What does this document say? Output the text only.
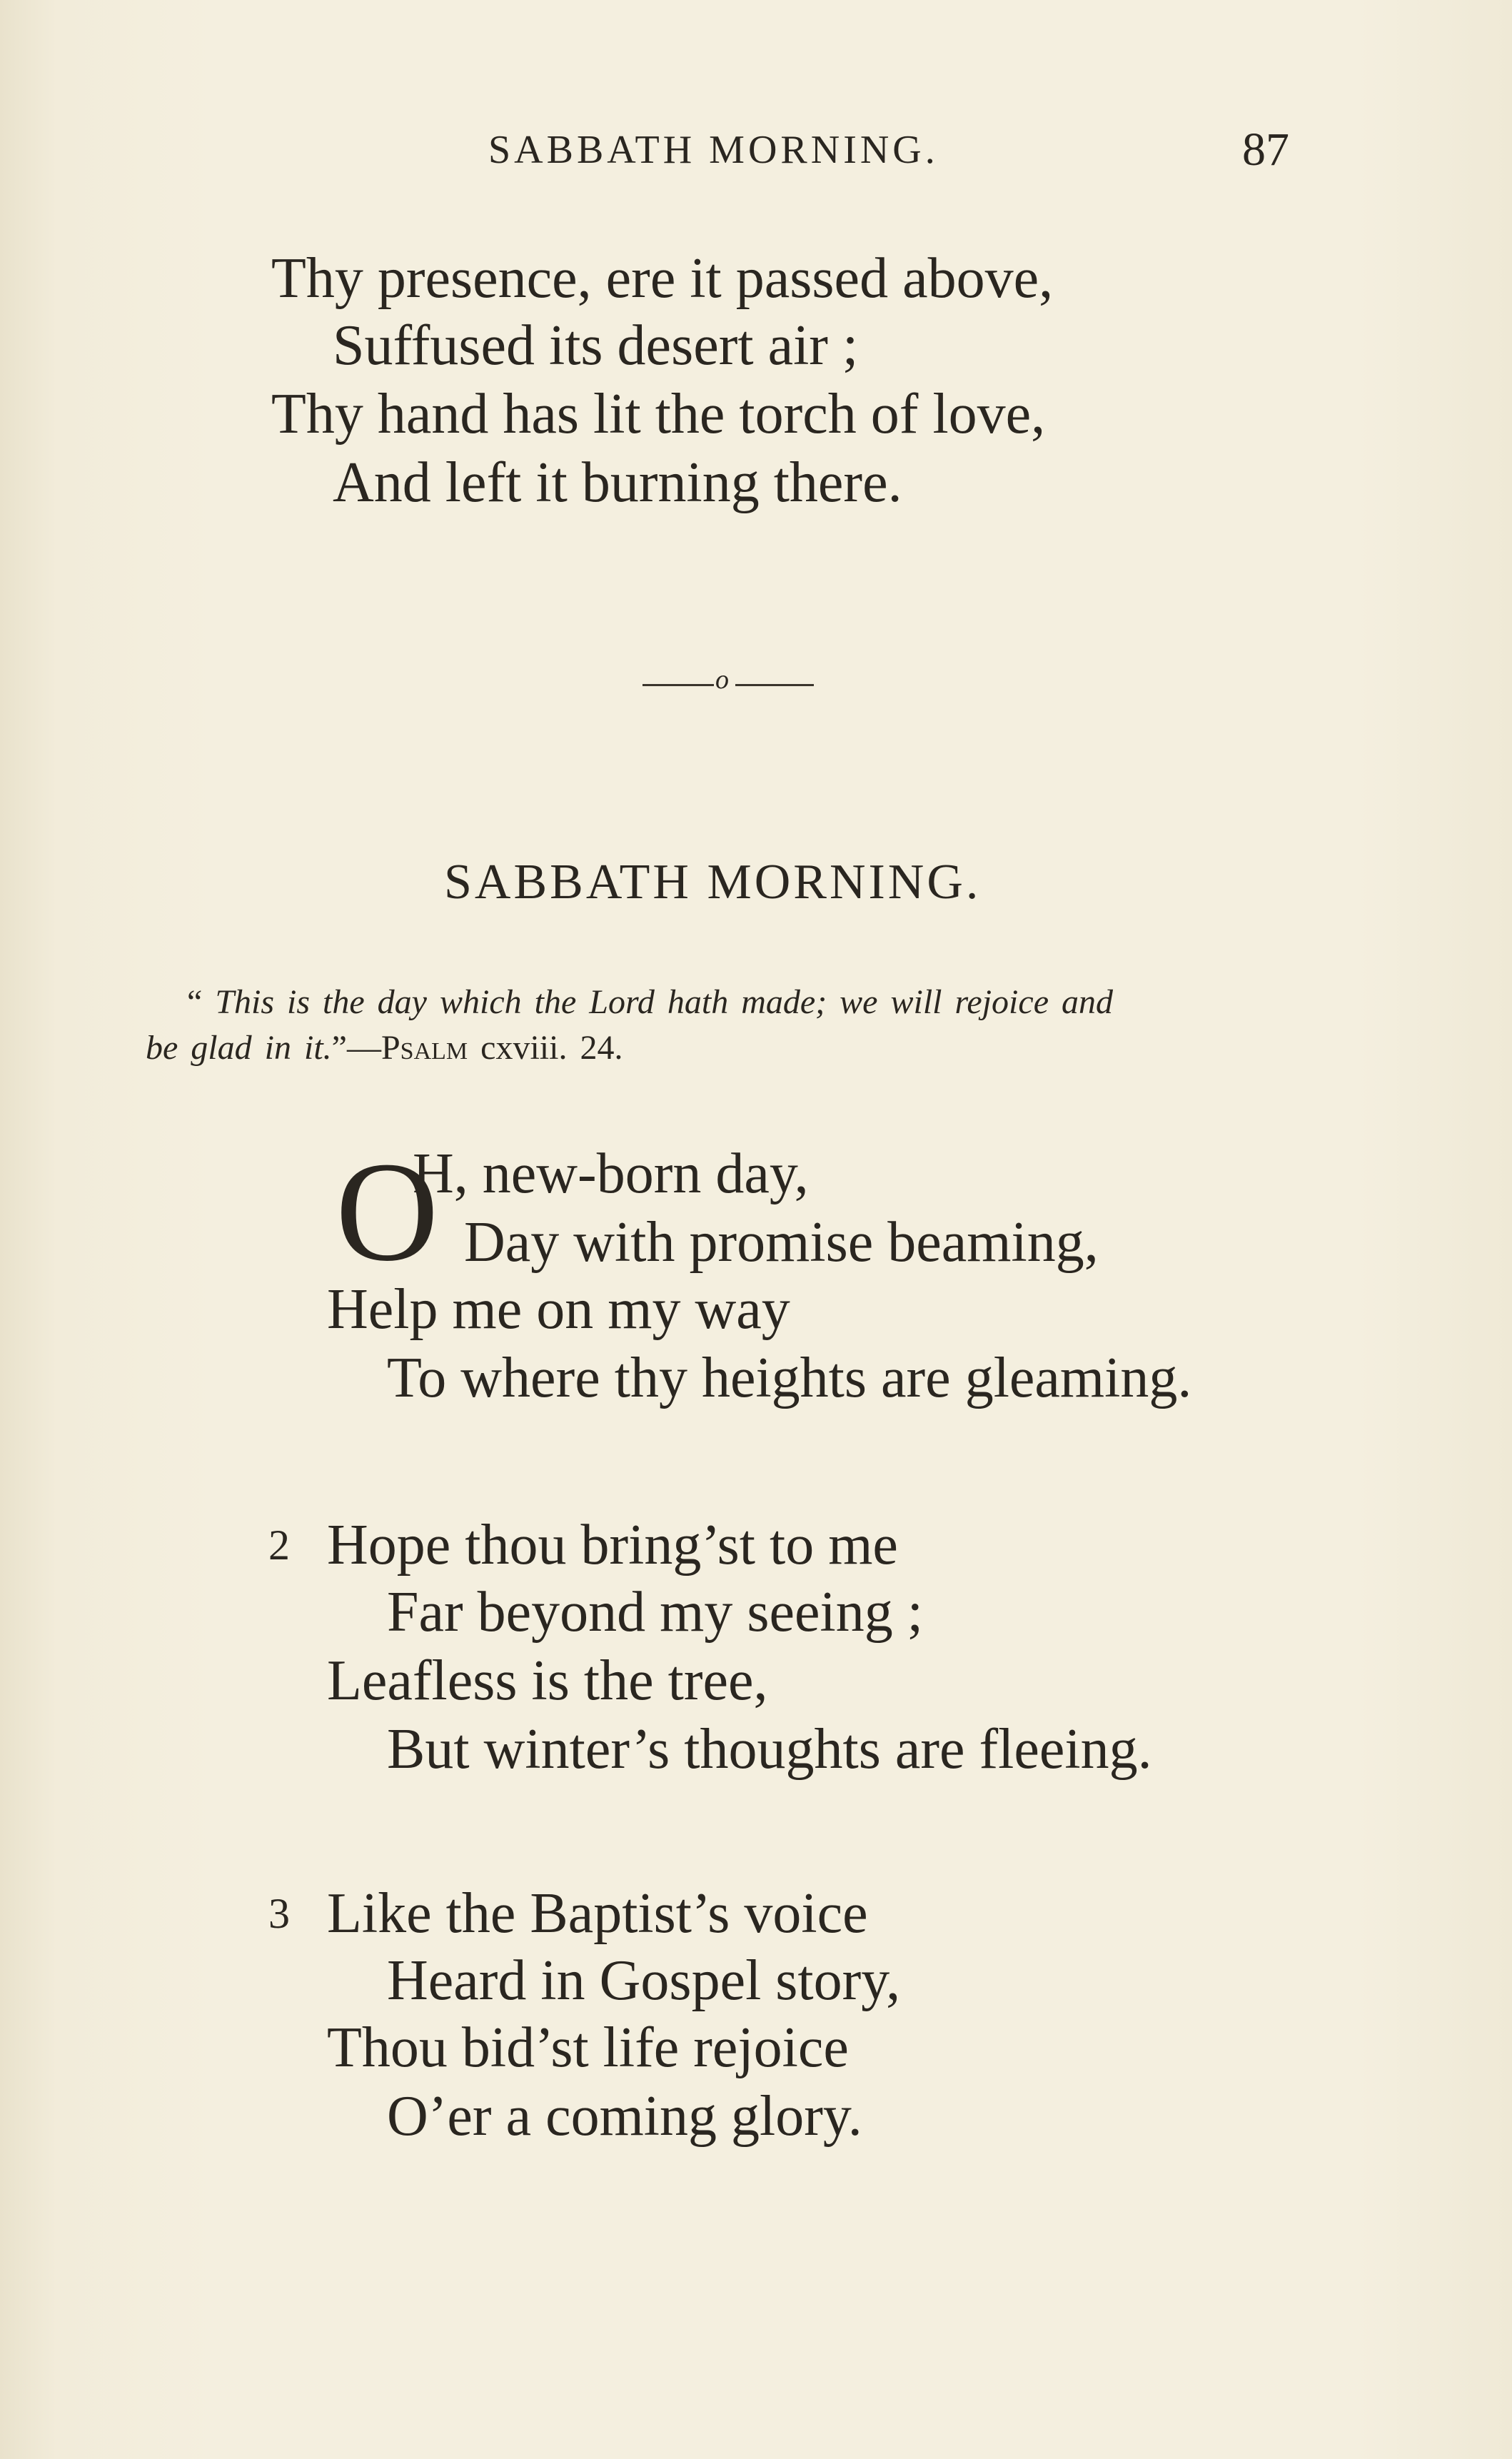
SABBATH MORNING.	87
Thy presence, ere it passed above,
Suffused its desert air ;
Thy hand has lit the torch of love,
And left it burning there.
o
SABBATH MORNING.
“ This is the day which the Lord hath made; we will rejoice and
be glad in it.”—Psalm cxviii. 24.
O
H, new-born day,
Day with promise beaming,
Help me on my way
To where thy heights are gleaming.
2 Hope thou bring’st to me
Far beyond my seeing ;
Leafless is the tree,
But winter’s thoughts are fleeing.
3 Like the Baptist’s voice
Heard in Gospel story,
Thou bid’st life rejoice
O’er a coming glory.
